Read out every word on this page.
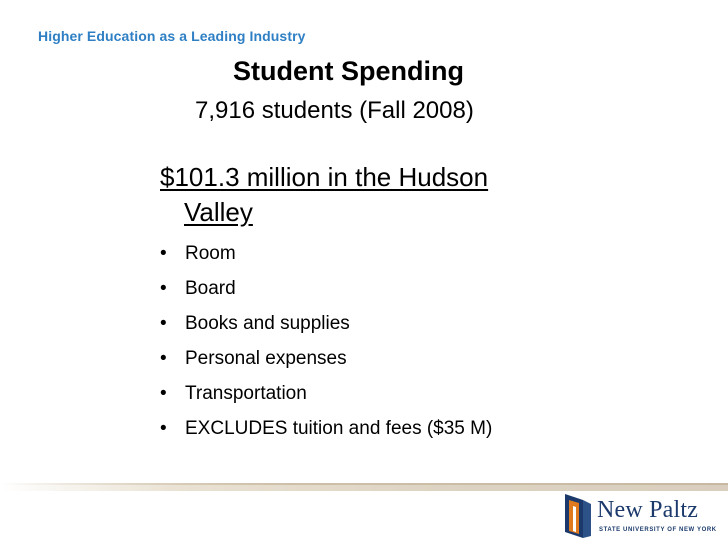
Higher Education as a Leading Industry
Student Spending
7,916 students (Fall 2008)
$101.3 million in the Hudson
Valley
• Room
• Board
• Books and supplies
• Personal expenses
• Transportation
• EXCLUDES tuition and fees ($35 M)
New Paltz
STATE UNIVERSITY OF NEW YORK
